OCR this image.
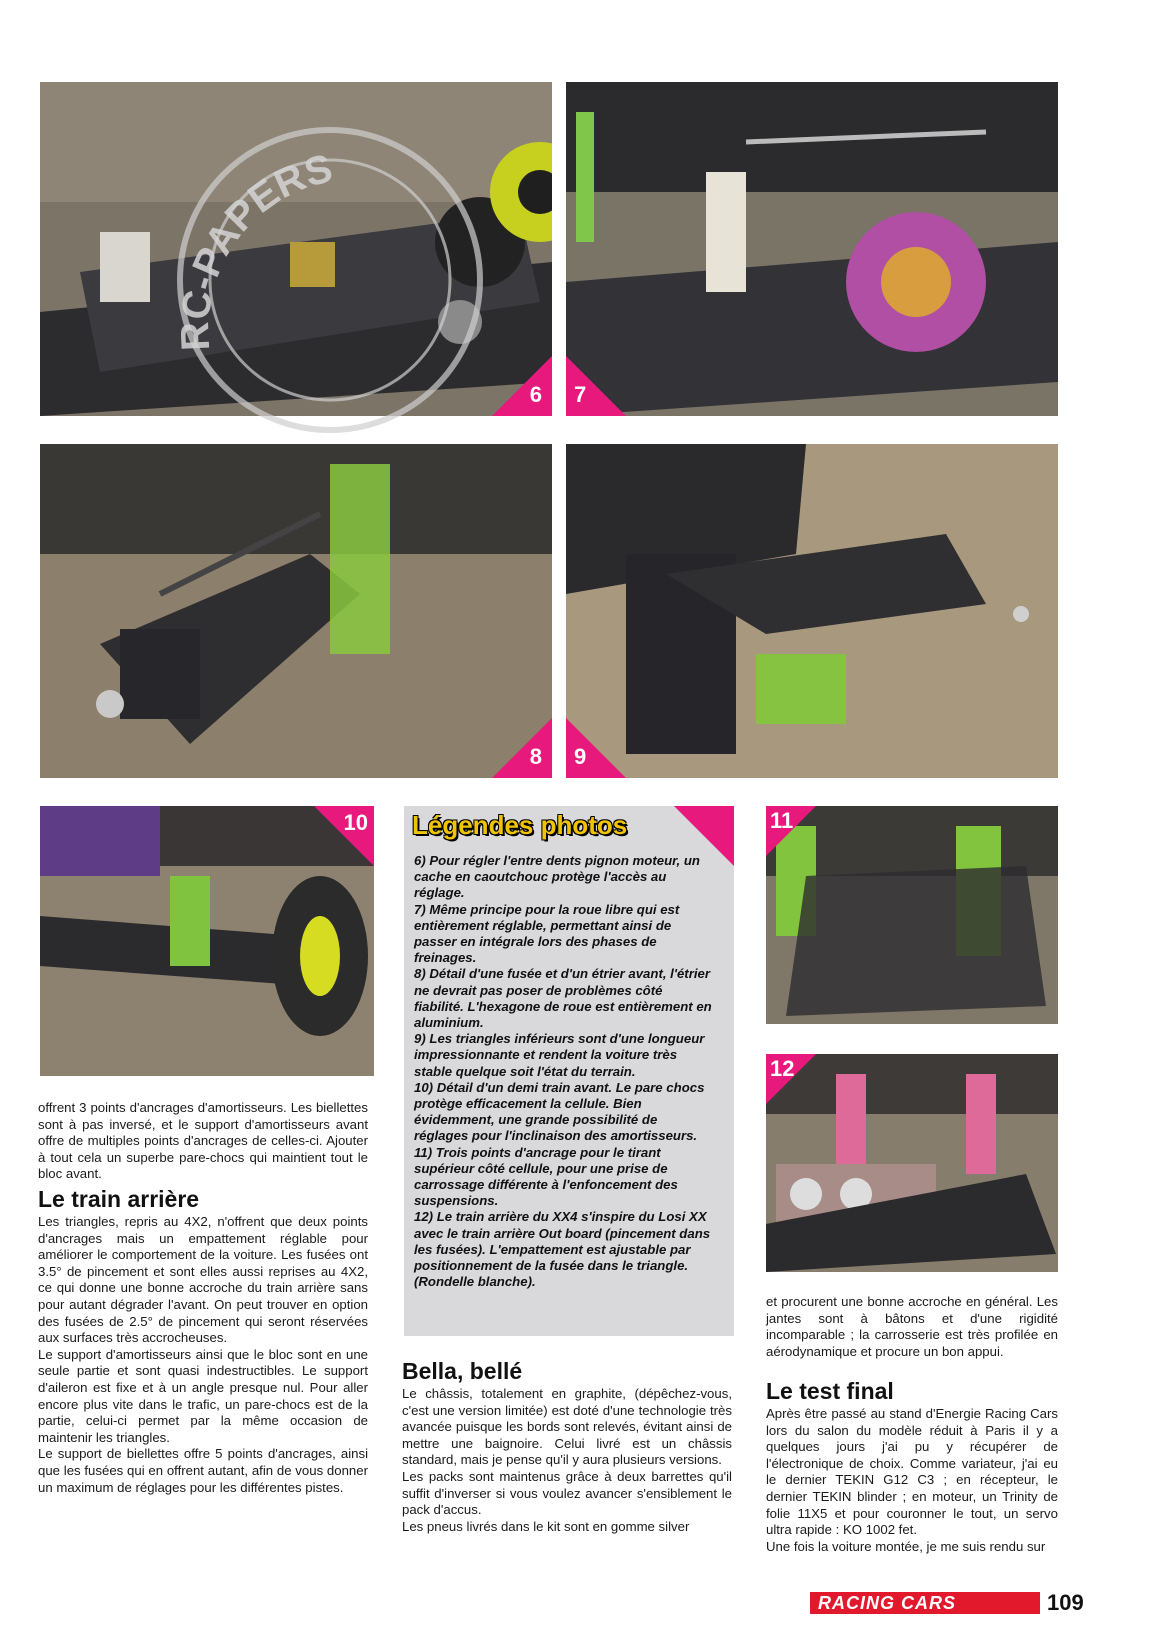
6 7
8 9
10	11
12
RC-PAPERS

offrent 3 points d'ancrages d'amortisseurs. Les biellettes sont à pas inversé, et le support d'amortisseurs avant offre de multiples points d'ancrages de celles-ci. Ajouter à tout cela un superbe pare-chocs qui maintient tout le bloc avant.

Le train arrière

Les triangles, repris au 4X2, n'offrent que deux points d'ancrages mais un empattement réglable pour améliorer le comportement de la voiture. Les fusées ont 3.5° de pincement et sont elles aussi reprises au 4X2, ce qui donne une bonne accroche du train arrière sans pour autant dégrader l'avant. On peut trouver en option des fusées de 2.5° de pincement qui seront réservées aux surfaces très accrocheuses.

Le support d'amortisseurs ainsi que le bloc sont en une seule partie et sont quasi indestructibles. Le support d'aileron est fixe et à un angle presque nul. Pour aller encore plus vite dans le trafic, un pare-chocs est de la partie, celui-ci permet par la même occasion de maintenir les triangles.

Le support de biellettes offre 5 points d'ancrages, ainsi que les fusées qui en offrent autant, afin de vous donner un maximum de réglages pour les différentes pistes.

Légendes photos

6) Pour régler l'entre dents pignon moteur, un cache en caoutchouc protège l'accès au réglage.

7) Même principe pour la roue libre qui est entièrement réglable, permettant ainsi de passer en intégrale lors des phases de freinages.

8) Détail d'une fusée et d'un étrier avant, l'étrier ne devrait pas poser de problèmes côté fiabilité. L'hexagone de roue est entièrement en aluminium.

9) Les triangles inférieurs sont d'une longueur impressionnante et rendent la voiture très stable quelque soit l'état du terrain.

10) Détail d'un demi train avant. Le pare chocs protège efficacement la cellule. Bien évidemment, une grande possibilité de réglages pour l'inclinaison des amortisseurs.

11) Trois points d'ancrage pour le tirant supérieur côté cellule, pour une prise de carrossage différente à l'enfoncement des suspensions.

12) Le train arrière du XX4 s'inspire du Losi XX avec le train arrière Out board (pincement dans les fusées). L'empattement est ajustable par positionnement de la fusée dans le triangle. (Rondelle blanche).

Bella, bellé

Le châssis, totalement en graphite, (dépêchez-vous, c'est une version limitée) est doté d'une technologie très avancée puisque les bords sont relevés, évitant ainsi de mettre une baignoire. Celui livré est un châssis standard, mais je pense qu'il y aura plusieurs versions.

Les packs sont maintenus grâce à deux barrettes qu'il suffit d'inverser si vous voulez avancer s'ensiblement le pack d'accus.

Les pneus livrés dans le kit sont en gomme silver

et procurent une bonne accroche en général. Les jantes sont à bâtons et d'une rigidité incomparable ; la carrosserie est très profilée en aérodynamique et procure un bon appui.

Le test final

Après être passé au stand d'Energie Racing Cars lors du salon du modèle réduit à Paris il y a quelques jours j'ai pu y récupérer de l'électronique de choix. Comme variateur, j'ai eu le dernier TEKIN G12 C3 ; en récepteur, le dernier TEKIN blinder ; en moteur, un Trinity de folie 11X5 et pour couronner le tout, un servo ultra rapide : KO 1002 fet.

Une fois la voiture montée, je me suis rendu sur

RACING CARS	109
